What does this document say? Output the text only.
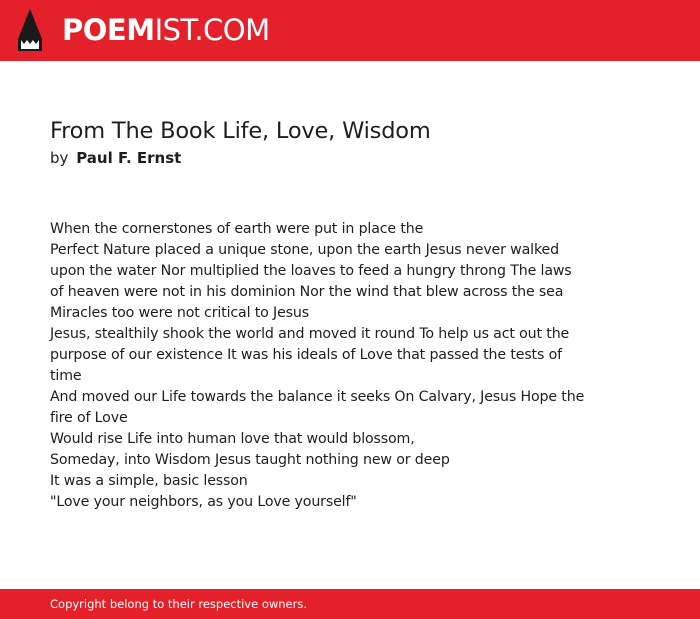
POEMIST.COM
From The Book Life, Love, Wisdom
by Paul F. Ernst
When the cornerstones of earth were put in place the
Perfect Nature placed a unique stone, upon the earth Jesus never walked
upon the water Nor multiplied the loaves to feed a hungry throng The laws
of heaven were not in his dominion Nor the wind that blew across the sea
Miracles too were not critical to Jesus
Jesus, stealthily shook the world and moved it round To help us act out the
purpose of our existence It was his ideals of Love that passed the tests of
time
And moved our Life towards the balance it seeks On Calvary, Jesus Hope the
fire of Love
Would rise Life into human love that would blossom,
Someday, into Wisdom Jesus taught nothing new or deep
It was a simple, basic lesson
"Love your neighbors, as you Love yourself"
Copyright belong to their respective owners.
